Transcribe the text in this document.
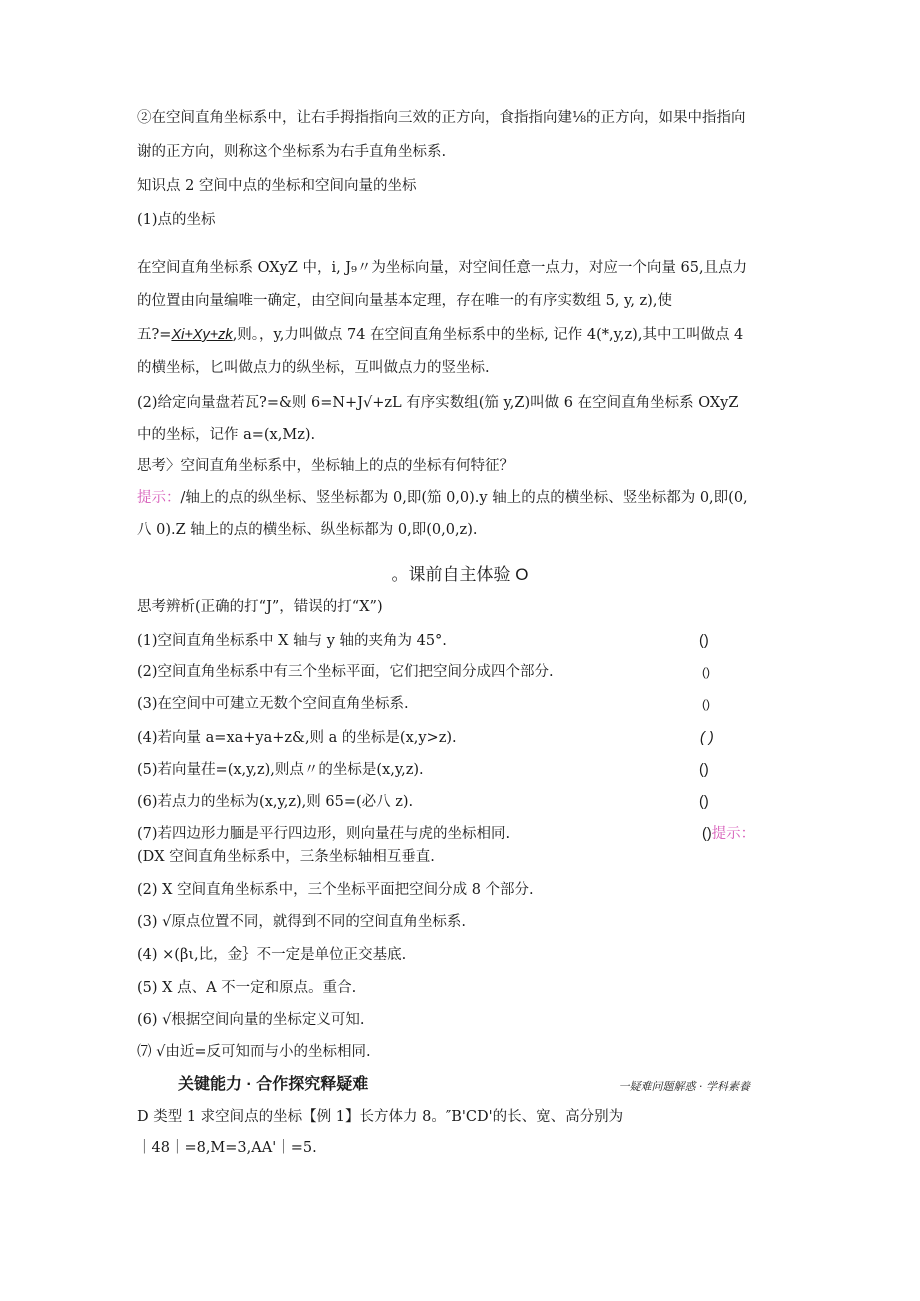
②在空间直角坐标系中，让右手拇指指向三效的正方向，食指指向建⅛的正方向，如果中指指向
谢的正方向，则称这个坐标系为右手直角坐标系.
知识点 2 空间中点的坐标和空间向量的坐标
(1)点的坐标
在空间直角坐标系 OXyZ 中，i, J₉〃为坐标向量，对空间任意一点力，对应一个向量 65,且点力
的位置由向量编唯一确定，由空间向量基本定理，存在唯一的有序实数组 5, y, z),使
五?=Xi+Xy+zk,则。，y,力叫做点 74 在空间直角坐标系中的坐标, 记作 4(*,y,z),其中工叫做点 4
的横坐标，匕叫做点力的纵坐标，互叫做点力的竖坐标.
(2)给定向量盘若瓦?=&则 6=N+J√+zL 有序实数组(笳 y,Z)叫做 6 在空间直角坐标系 OXyZ
中的坐标，记作 a=(x,Mz).
思考〉空间直角坐标系中，坐标轴上的点的坐标有何特征？
提示：/轴上的点的纵坐标、竖坐标都为 0,即(笳 0,0).y 轴上的点的横坐标、竖坐标都为 0,即(0,
八 0).Z 轴上的点的横坐标、纵坐标都为 0,即(0,0,z).
。课前自主体验 O
思考辨析(正确的打“J”，错误的打“X”)
(1)空间直角坐标系中 X 轴与 y 轴的夹角为 45°.	()
(2)空间直角坐标系中有三个坐标平面，它们把空间分成四个部分.	()
(3)在空间中可建立无数个空间直角坐标系.	()
(4)若向量 a=xa+ya+z&,则 a 的坐标是(x,y>z).	( )
(5)若向量茌=(x,y,z),则点〃的坐标是(x,y,z).	()
(6)若点力的坐标为(x,y,z),则 65=(必八 z).	()
(7)若四边形力腼是平行四边形，则向量茌与虎的坐标相同.	()提示：
(DX 空间直角坐标系中，三条坐标轴相互垂直.
(2) X 空间直角坐标系中，三个坐标平面把空间分成 8 个部分.
(3) √原点位置不同，就得到不同的空间直角坐标系.
(4) ×(βι,比，金｝不一定是单位正交基底.
(5) X 点、A 不一定和原点。重合.
(6) √根据空间向量的坐标定义可知.
⑺ √由近=反可知而与小的坐标相同.
关键能力 · 合作探究释疑难	一疑难问题解惑 · 学科素養
D 类型 1 求空间点的坐标【例 1】长方体力 8。″B'CD'的长、宽、高分别为
｜48｜=8,M=3,AA'｜=5.
